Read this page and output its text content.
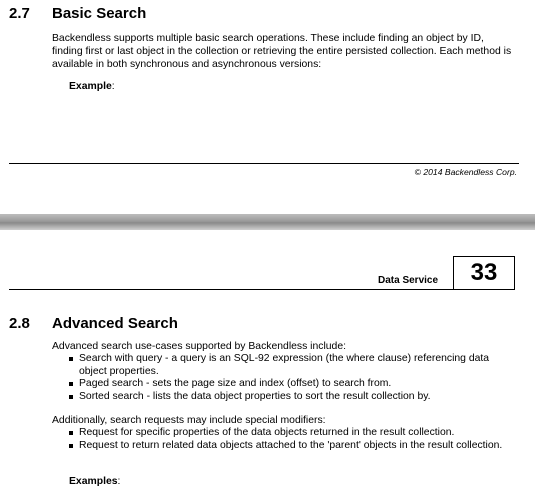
2.7 Basic Search

Backendless supports multiple basic search operations. These include finding an object by ID, finding first or last object in the collection or retrieving the entire persisted collection. Each method is available in both synchronous and asynchronous versions:

Example:
© 2014 Backendless Corp.
Data Service 33
2.8 Advanced Search

Advanced search use-cases supported by Backendless include:

Search with query - a query is an SQL-92 expression (the where clause) referencing data object properties.
Paged search - sets the page size and index (offset) to search from.
Sorted search - lists the data object properties to sort the result collection by.

Additionally, search requests may include special modifiers:

Request for specific properties of the data objects returned in the result collection.
Request to return related data objects attached to the 'parent' objects in the result collection.
Examples:
